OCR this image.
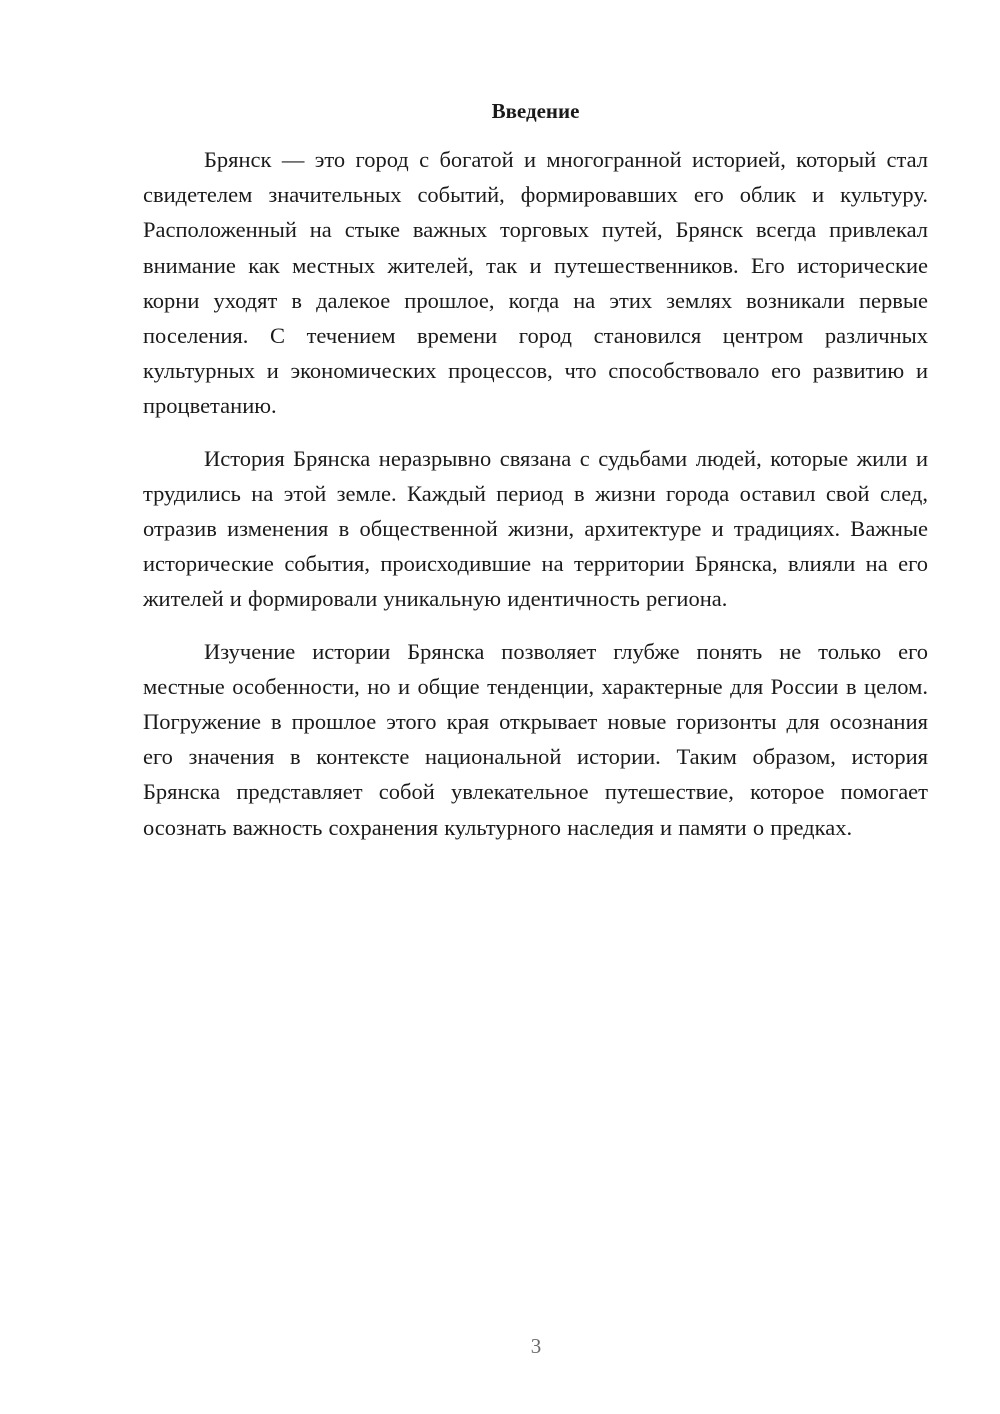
Введение

Брянск — это город с богатой и многогранной историей, который стал свидетелем значительных событий, формировавших его облик и культуру. Расположенный на стыке важных торговых путей, Брянск всегда привлекал внимание как местных жителей, так и путешественников. Его исторические корни уходят в далекое прошлое, когда на этих землях возникали первые поселения. С течением времени город становился центром различных культурных и экономических процессов, что способствовало его развитию и процветанию.

История Брянска неразрывно связана с судьбами людей, которые жили и трудились на этой земле. Каждый период в жизни города оставил свой след, отразив изменения в общественной жизни, архитектуре и традициях. Важные исторические события, происходившие на территории Брянска, влияли на его жителей и формировали уникальную идентичность региона.

Изучение истории Брянска позволяет глубже понять не только его местные особенности, но и общие тенденции, характерные для России в целом. Погружение в прошлое этого края открывает новые горизонты для осознания его значения в контексте национальной истории. Таким образом, история Брянска представляет собой увлекательное путешествие, которое помогает осознать важность сохранения культурного наследия и памяти о предках.

3
